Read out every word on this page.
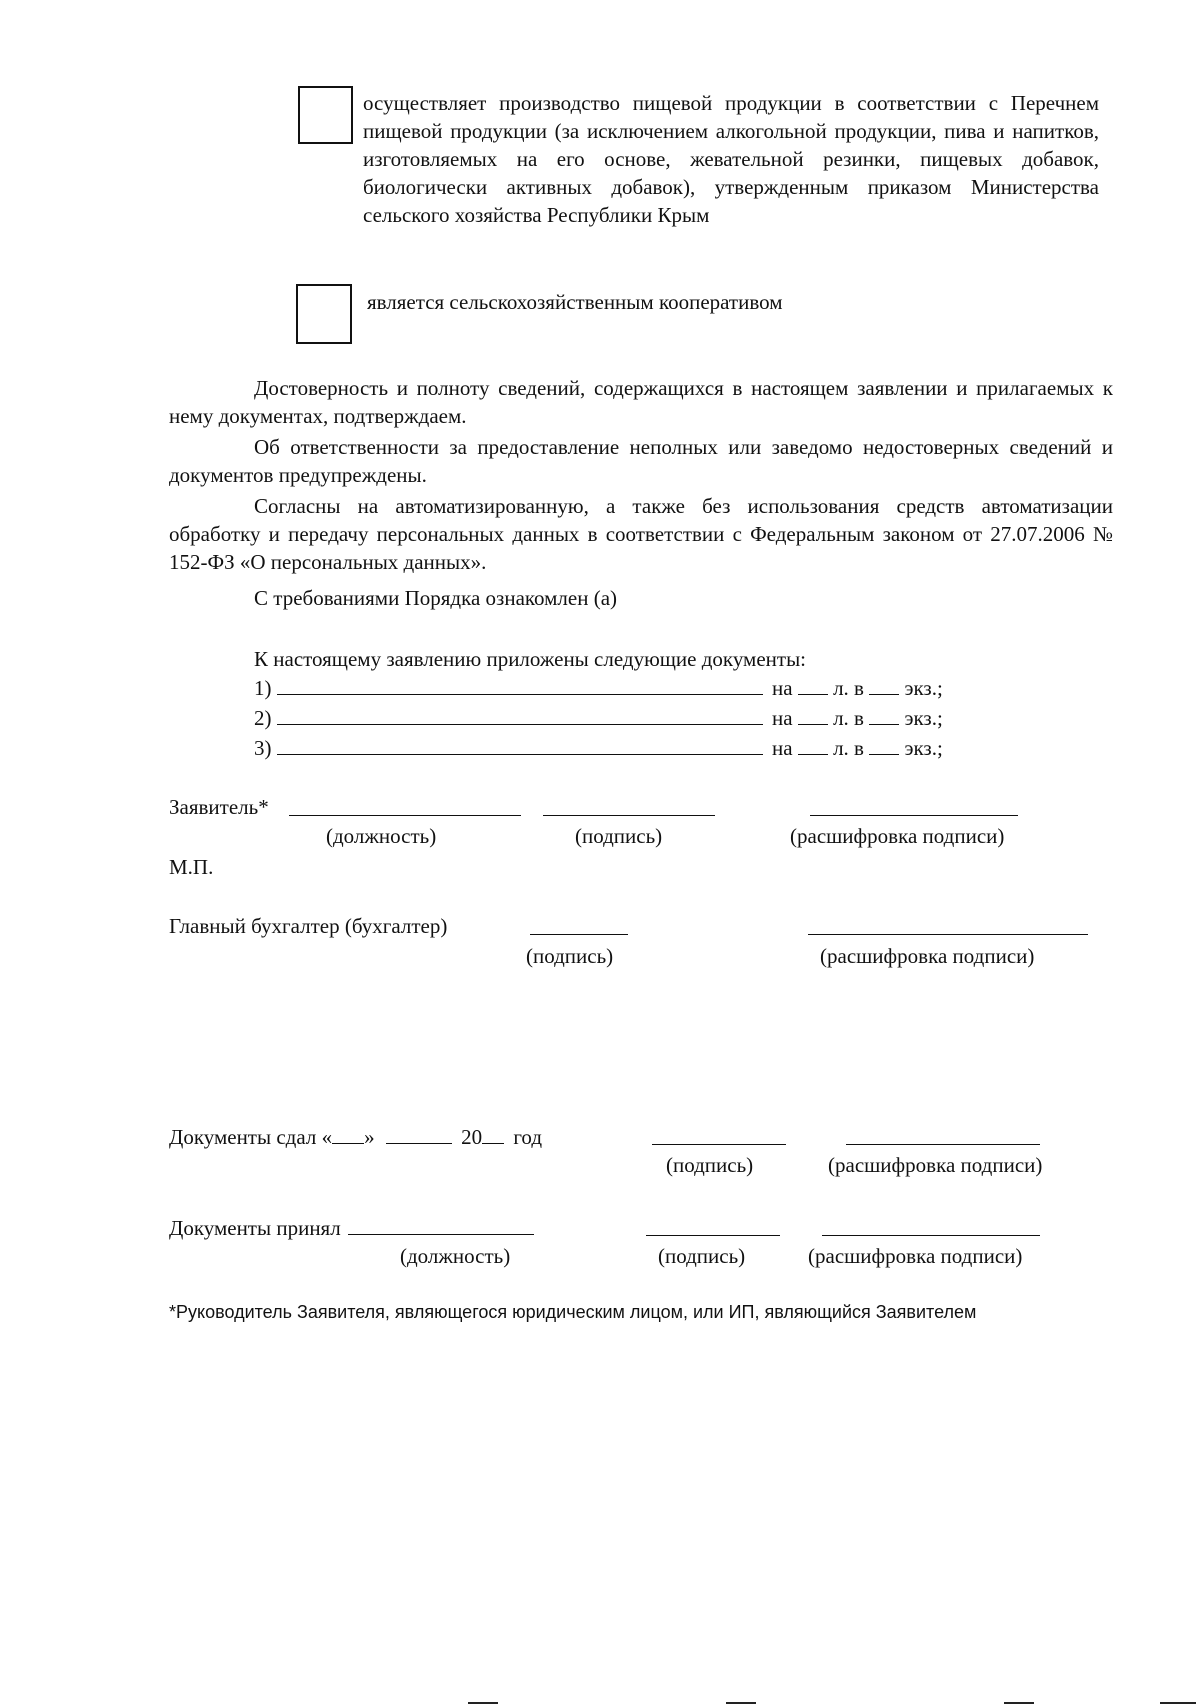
осуществляет производство пищевой продукции в соответствии с Перечнем пищевой продукции (за исключением алкогольной продукции, пива и напитков, изготовляемых на его основе, жевательной резинки, пищевых добавок, биологически активных добавок), утвержденным приказом Министерства сельского хозяйства Республики Крым
является сельскохозяйственным кооперативом
Достоверность и полноту сведений, содержащихся в настоящем заявлении и прилагаемых к нему документах, подтверждаем.
Об ответственности за предоставление неполных или заведомо недостоверных сведений и документов предупреждены.
Согласны на автоматизированную, а также без использования средств автоматизации обработку и передачу персональных данных в соответствии с Федеральным законом от 27.07.2006 № 152-ФЗ «О персональных данных».
С требованиями Порядка ознакомлен (а)
К настоящему заявлению приложены следующие документы:
1)	на л. в экз.;
2)	на л. в экз.;
3)	на л. в экз.;
Заявитель*
(должность)	(подпись)	(расшифровка подписи)
М.П.
Главный бухгалтер (бухгалтер)
(подпись)	(расшифровка подписи)
Документы сдал « »	20 год
(подпись)	(расшифровка подписи)
Документы принял
(должность)	(подпись)	(расшифровка подписи)
*Руководитель Заявителя, являющегося юридическим лицом, или ИП, являющийся Заявителем
